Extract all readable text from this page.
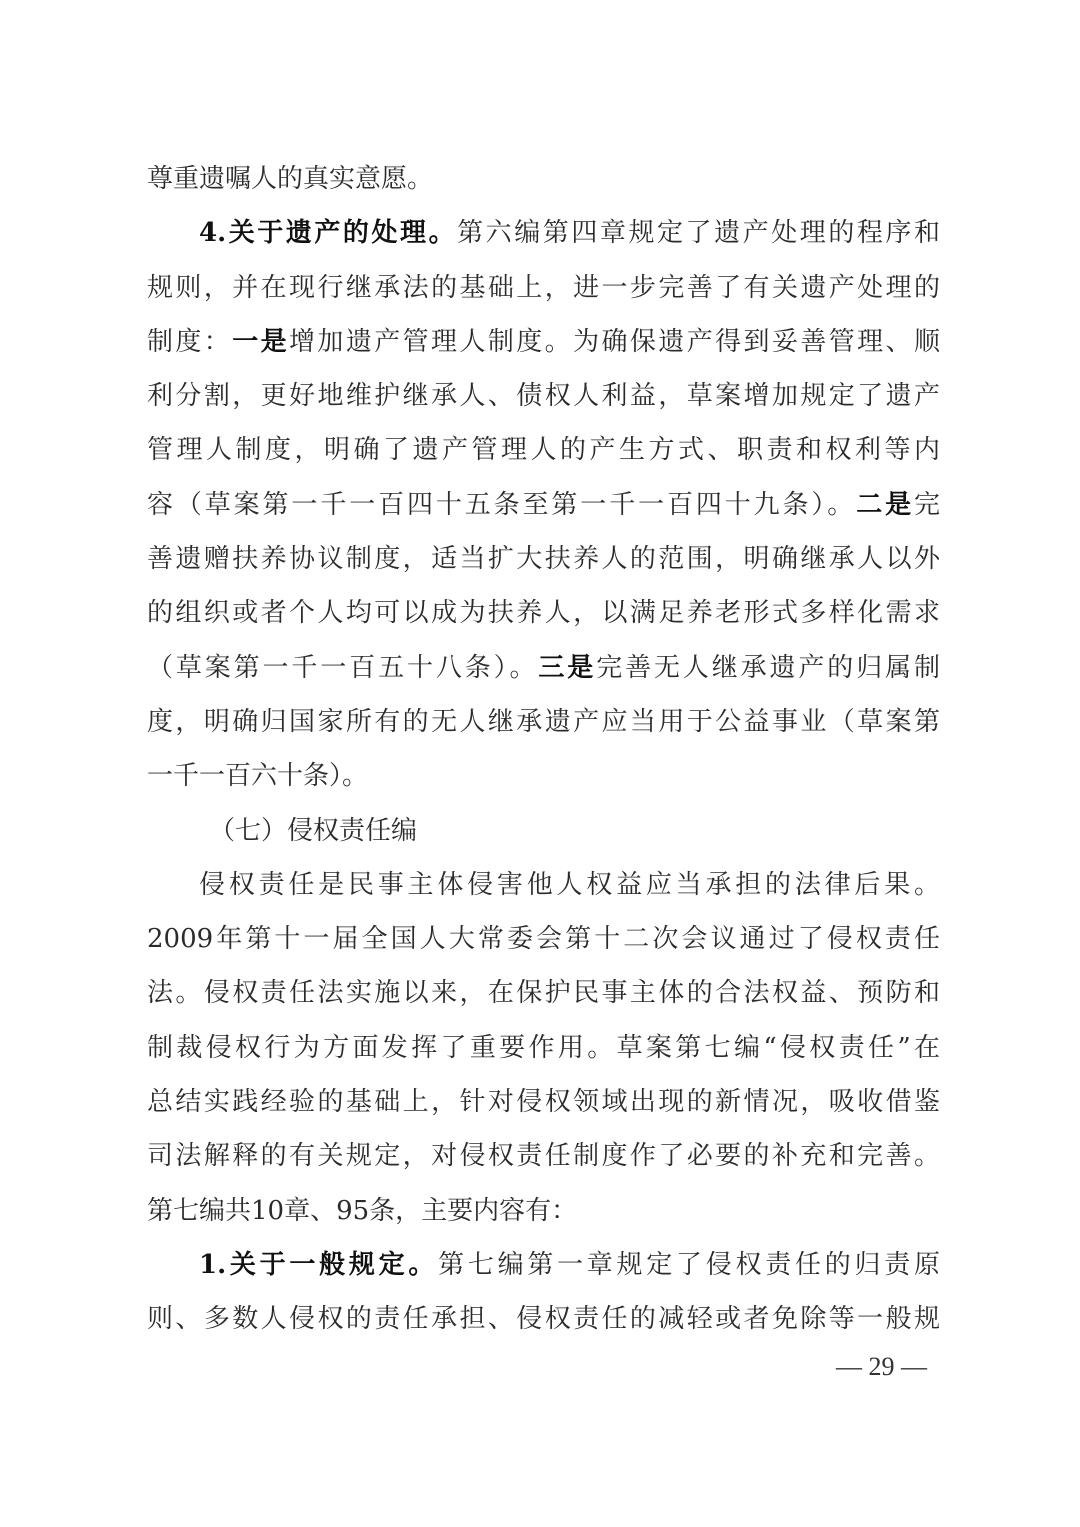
尊重遗嘱人的真实意愿。
4.关于遗产的处理。第六编第四章规定了遗产处理的程序和
规则，并在现行继承法的基础上，进一步完善了有关遗产处理的
制度：一是增加遗产管理人制度。为确保遗产得到妥善管理、顺
利分割，更好地维护继承人、债权人利益，草案增加规定了遗产
管理人制度，明确了遗产管理人的产生方式、职责和权利等内
容（草案第一千一百四十五条至第一千一百四十九条）。二是完
善遗赠扶养协议制度，适当扩大扶养人的范围，明确继承人以外
的组织或者个人均可以成为扶养人，以满足养老形式多样化需求
（草案第一千一百五十八条）。三是完善无人继承遗产的归属制
度，明确归国家所有的无人继承遗产应当用于公益事业（草案第
一千一百六十条）。
（七）侵权责任编
侵权责任是民事主体侵害他人权益应当承担的法律后果。
2009年第十一届全国人大常委会第十二次会议通过了侵权责任
法。侵权责任法实施以来，在保护民事主体的合法权益、预防和
制裁侵权行为方面发挥了重要作用。草案第七编“侵权责任”在
总结实践经验的基础上，针对侵权领域出现的新情况，吸收借鉴
司法解释的有关规定，对侵权责任制度作了必要的补充和完善。
第七编共10章、95条，主要内容有：
1.关于一般规定。第七编第一章规定了侵权责任的归责原
则、多数人侵权的责任承担、侵权责任的减轻或者免除等一般规
— 29 —
